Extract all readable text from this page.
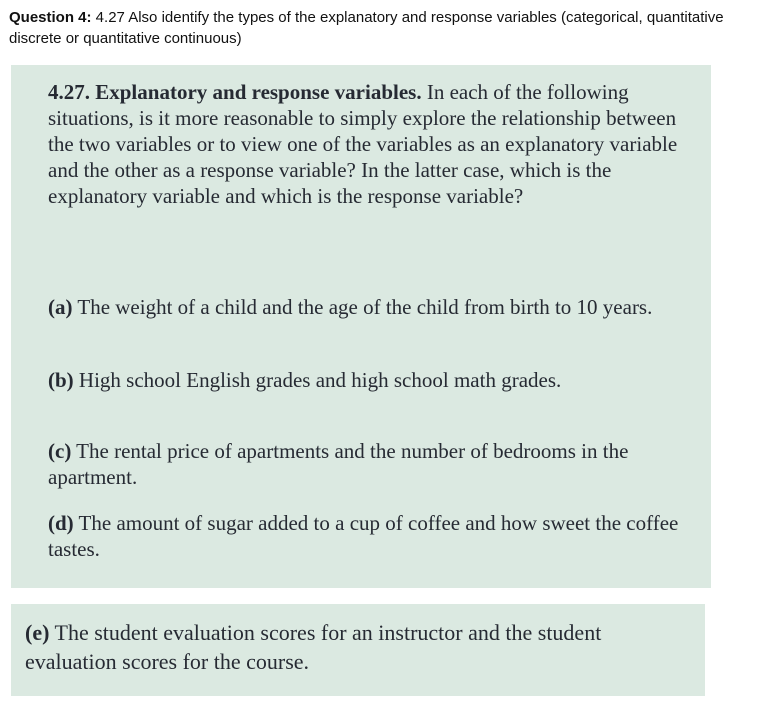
Question 4: 4.27 Also identify the types of the explanatory and response variables (categorical, quantitative discrete or quantitative continuous)

4.27. Explanatory and response variables. In each of the following situations, is it more reasonable to simply explore the relationship between the two variables or to view one of the variables as an explanatory variable and the other as a response variable? In the latter case, which is the explanatory variable and which is the response variable?

(a) The weight of a child and the age of the child from birth to 10 years.

(b) High school English grades and high school math grades.

(c) The rental price of apartments and the number of bedrooms in the apartment.

(d) The amount of sugar added to a cup of coffee and how sweet the coffee tastes.

(e) The student evaluation scores for an instructor and the student evaluation scores for the course.
